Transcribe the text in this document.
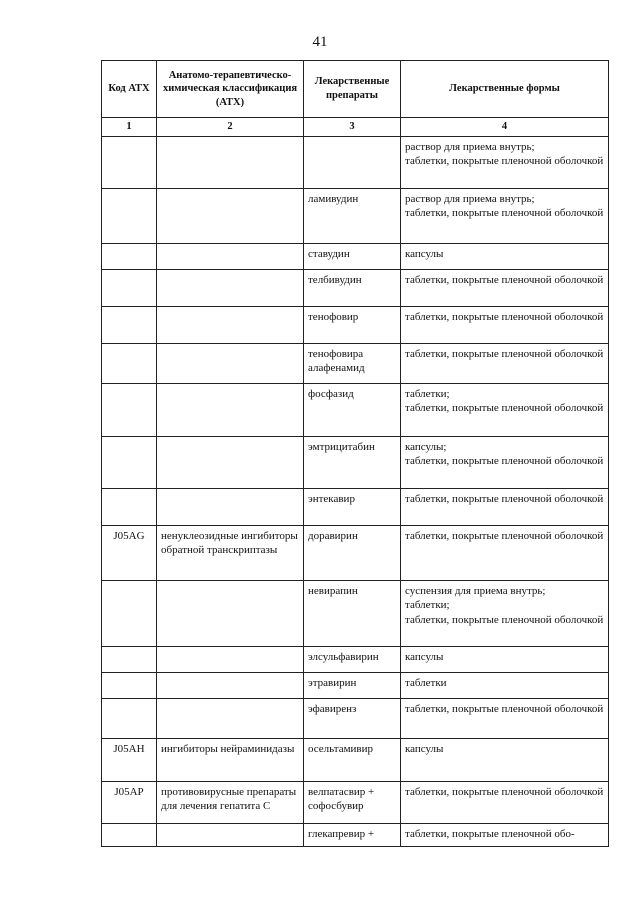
41
Код АТХ	Анатомо-терапевтическо-химическая классификация (АТХ)	Лекарственные препараты	Лекарственные формы
1	2	3	4
			раствор для приема внутрь;
таблетки, покрытые пленочной оболочкой
		ламивудин	раствор для приема внутрь;
таблетки, покрытые пленочной оболочкой
		ставудин	капсулы
		телбивудин	таблетки, покрытые пленочной оболочкой
		тенофовир	таблетки, покрытые пленочной оболочкой
		тенофовира алафенамид	таблетки, покрытые пленочной оболочкой
		фосфазид	таблетки;
таблетки, покрытые пленочной оболочкой
		эмтрицитабин	капсулы;
таблетки, покрытые пленочной оболочкой
		энтекавир	таблетки, покрытые пленочной оболочкой
J05AG	ненуклеозидные ингибиторы обратной транскриптазы	доравирин	таблетки, покрытые пленочной оболочкой
		невирапин	суспензия для приема внутрь;
таблетки;
таблетки, покрытые пленочной оболочкой
		элсульфавирин	капсулы
		этравирин	таблетки
		эфавиренз	таблетки, покрытые пленочной оболочкой
J05AH	ингибиторы нейраминидазы	осельтамивир	капсулы
J05AP	противовирусные препараты для лечения гепатита C	велпатасвир + софосбувир	таблетки, покрытые пленочной оболочкой
		глекапревир +	таблетки, покрытые пленочной обо-
